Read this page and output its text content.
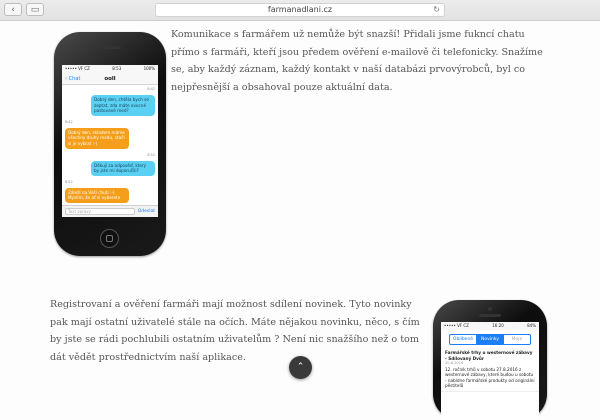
‹	▭	farmanadlani.cz	↻
••••• VF CZ	8:53	100%
‹ Chat	ooll
8:42
Dobrý den, chtěla bych se zeptat, zda máte ovocné pastované med?
8:42
Dobrý den, skladem máme všechny druhy medu, stačí si je vybrat :-)
8:52
Děkuji za odpověď, který by jste mi doporučili?
8:52
Záleží na Vaší chuti :-) Myslím, že ať si vyberete
Text zprávy	Odeslat

Komunikace s farmářem už nemůže být snazší! Přidali jsme fukncí chatu přímo s farmáři, kteří jsou předem ověření e-mailově či telefonicky. Snažíme se, aby každý záznam, každý kontakt v naší databázi prvovýrobců, byl co nejpřesnější a obsahoval pouze aktuální data.

Registrovaní a ověření farmáři mají možnost sdílení novinek. Tyto novinky pak mají ostatní uživatelé stále na očích. Máte nějakou novinku, něco, s čím by jste se rádi pochlubili ostatním uživatelům ? Není nic snažšího než o tom dát vědět prostřednictvím naší aplikace.

••••• VF CZ	16:20	84%
Oblíbené	Novinky	Moje
Farmářské trhy u westernové zábavy - Sdílovaný Dvůr
20.8.2016
12. ročník trhů v sobotu 27.8.2016 z westernové zábavy, které budou u sobotu - nabídne farmářské produkty od originální pěstitelů
⌃
